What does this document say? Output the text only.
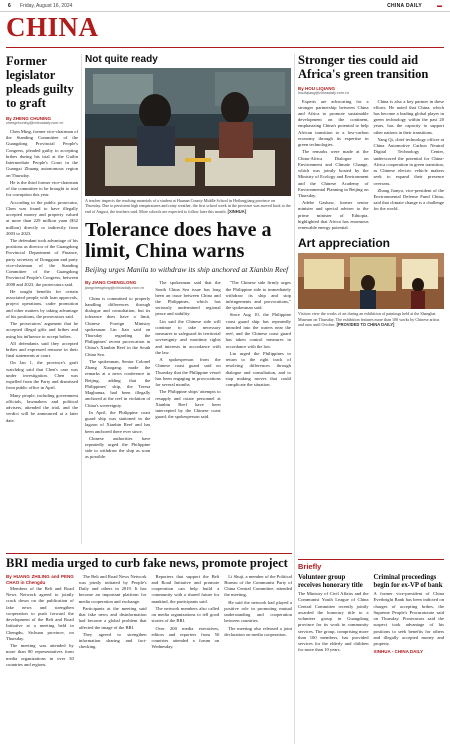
6 Friday, August 16, 2024	CHINA DAILY	▬
CHINA
Former legislator pleads guilty to graft
By ZHENG CHUNING
zhengchuning@chinadaily.com.cn

Chen Ming, former vice-chairman of the Standing Committee of the Guangdong Provincial People's Congress, pleaded guilty to accepting bribes during his trial at the Guilin Intermediate People's Court in the Guangxi Zhuang autonomous region on Thursday.

He is the third former vice-chairman of the committee to be brought to trial for corruption this year.

According to the public prosecutor, Chen was found to have illegally accepted money and property valued at more than 229 million yuan ($32 million) directly or indirectly from 2003 to 2023.

The defendant took advantage of his positions as director of the Guangdong Provincial Department of Finance, party secretary of Dongguan and party vice-chairman of the Standing Committee of the Guangdong Provincial People's Congress, between 2008 and 2023, the prosecutors said.

He sought benefits for certain associated people with loan approvals, project operations, cadre promotion and other matters by taking advantage of his positions, the prosecutors said.

The prosecutors' argument that he accepted illegal gifts and bribes and using his influence to accept bribes.

All defendants said they accepted bribes and expressed remorse in their final statements at court.

On Jan 1, the province's graft watchdog said that Chen's case was under investigation. Chen was expelled from the Party and dismissed from public office in April.

Many people, including government officials, lawmakers and political advisers, attended the trial, and the verdict will be announced at a later date.

Not quite ready
A teacher inspects the teaching materials of a student at Huanan County Middle School in Heilongjiang province on Thursday. Due to persistent high temperatures and rainy weather, the first school week in the province was moved back to the end of August, the teachers said. More schools are expected to follow later this month. [XINHUA]
Tolerance does have a limit, China warns
Beijing urges Manila to withdraw its ship anchored at Xianbin Reef
By JIANG CHENGLONG
jiangchenglong@chinadaily.com.cn

China is committed to properly handling differences through dialogue and consultation, but its tolerance does have a limit, Chinese Foreign Ministry spokesman Lin Jian said on Thursday regarding the Philippines' recent provocation in China's Xianbin Reef in the South China Sea.

The spokesman, Senior Colonel Zhang Xiaogang, made the remarks at a news conference in Beijing, adding that the Philippines' ship, the Teresa Magbanua, had been illegally anchored at the reef in violation of China's sovereignty.

In April, the Philippine coast guard ship was stationed in the lagoon of Xianbin Reef and has been anchored there ever since.

Chinese authorities have repeatedly urged the Philippine side to withdraw the ship as soon as possible.

The spokesman said that the South China Sea issue has long been an issue between China and the Philippines, which has seriously undermined regional peace and stability.

Lin said the Chinese side will continue to take necessary measures to safeguard its territorial sovereignty and maritime rights and interests in accordance with the law.

A spokesperson from the Chinese coast guard said on Thursday that the Philippine vessel has been engaging in provocations for several months.

The Philippine ships' attempts to resupply and rotate personnel at Xianbin Reef have been intercepted by the Chinese coast guard, the spokesperson said.

"The Chinese side firmly urges the Philippine side to immediately withdraw its ship and stop infringements and provocations," the spokesman said.

Since Aug 10, the Philippine coast guard ship has repeatedly intruded into the waters near the reef, and the Chinese coast guard has taken control measures in accordance with the law.

Lin urged the Philippines to return to the right track of resolving differences through dialogue and consultation, and to stop making moves that could complicate the situation.

Stronger ties could aid Africa's green transition
By HOU LIQIANG
houliqiang@chinadaily.com.cn

Experts are advocating for a stronger partnership between China and Africa to promote sustainable development on the continent, emphasizing China's potential to help African transition to a low-carbon economy through its expertise in green technologies.

The remarks were made at the China-Africa Dialogue on Environment and Climate Change, which was jointly hosted by the Ministry of Ecology and Environment and the Chinese Academy of Environmental Planning in Beijing on Thursday.

Adebe Gashaw, former senior minister and special adviser to the prime minister of Ethiopia, highlighted that Africa has enormous renewable energy potential.

China is also a key partner in these efforts. He noted that China, which has become a leading global player in green technology within the past 20 years, has the capacity to support other nations in their transitions.

Yang Qi, chief technology officer at China Automotive Carbon Neutral Digital Technology Center, underscored the potential for China-Africa cooperation in green transition, as Chinese electric vehicle makers seek to expand their presence overseas.

Zhang Jianyu, vice-president of the Environmental Defense Fund China, said that climate change is a challenge for the world.

Art appreciation
Visitors view the works of art during an exhibition of paintings held at the Shanghai Museum on Thursday. The exhibition features more than 100 works by Chinese artists and runs until October. [PROVIDED TO CHINA DAILY]
Briefly
Volunteer group receives honorary title
The Ministry of Civil Affairs and the Communist Youth League of China Central Committee recently jointly awarded the honorary title to a volunteer group in Guangdong province for its work in community services. The group, comprising more than 100 members, has provided services for the elderly and children for more than 10 years.
Criminal proceedings begin for ex-VP of bank
A former vice-president of China Everbright Bank has been indicted on charges of accepting bribes, the Supreme People's Procuratorate said on Thursday. Prosecutors said the suspect took advantage of his positions to seek benefits for others and illegally accepted money and property.
XINHUA - CHINA DAILY
BRI media urged to curb fake news, promote project
By HUANG ZHILING and PENG CHAO in Chengdu

Members of the Belt and Road News Network agreed to jointly crack down on the publication of fake news and strengthen cooperation to push forward the development of the Belt and Road Initiative at a meeting held in Chengdu, Sichuan province, on Thursday.

The meeting was attended by more than 80 representatives from media organizations in over 30 countries and regions.

The Belt and Road News Network was jointly initiated by People's Daily and others in 2019. It has become an important platform for media cooperation and exchange.

Participants at the meeting said that fake news and disinformation had become a global problem that affected the image of the BRI.

They agreed to strengthen information sharing and fact-checking.

Reporters that support the Belt and Road Initiative and promote cooperation can help build a community with a shared future for mankind, the participants said.

The network members also called on media organizations to tell good stories of the BRI.

Over 200 media executives, editors and reporters from 50 countries attended a forum on Wednesday.

Li Shuji, a member of the Political Bureau of the Communist Party of China Central Committee, attended the meeting.

He said the network had played a positive role in promoting mutual understanding and cooperation between countries.

The meeting also released a joint declaration on media cooperation.
